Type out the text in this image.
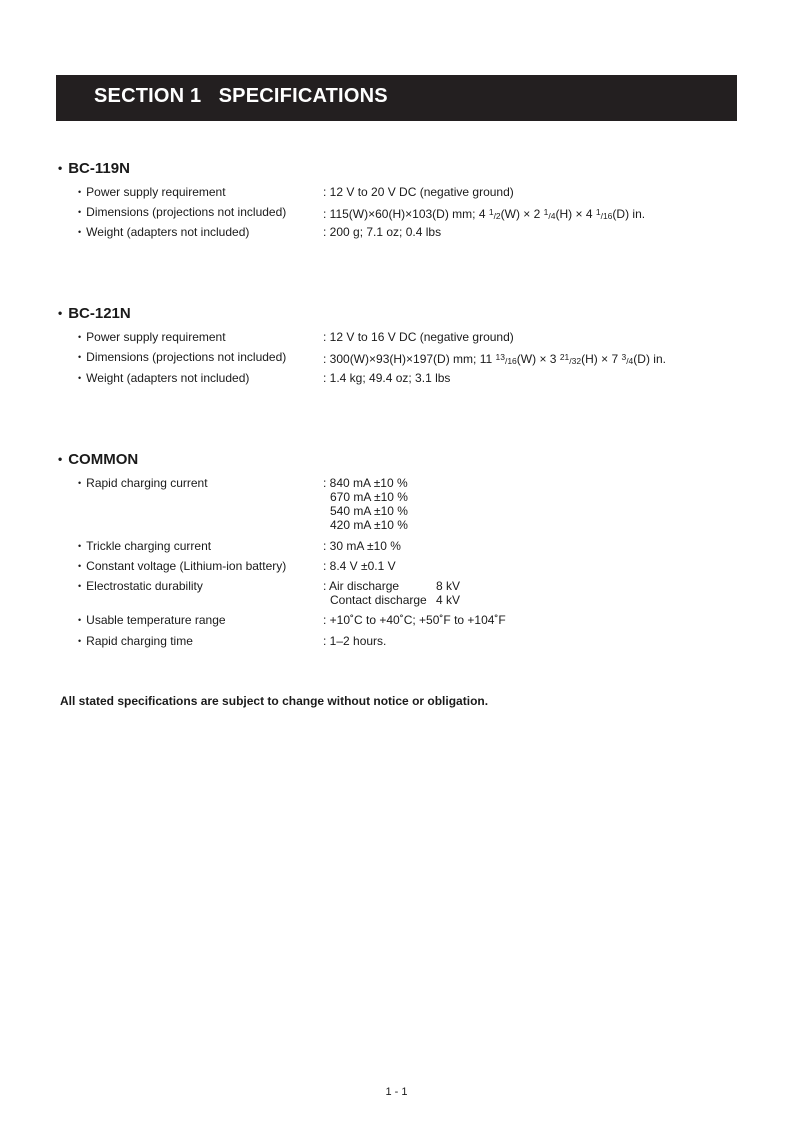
SECTION 1   SPECIFICATIONS
• BC-119N
• Power supply requirement	: 12 V to 20 V DC (negative ground)
• Dimensions (projections not included)	: 115(W)×60(H)×103(D) mm; 4 $^1$/2(W) × 2 $^1$/4(H) × 4 $^1$/16(D) in.
• Weight (adapters not included)	: 200 g; 7.1 oz; 0.4 lbs
• BC-121N
• Power supply requirement	: 12 V to 16 V DC (negative ground)
• Dimensions (projections not included)	: 300(W)×93(H)×197(D) mm; 11 $^{13}$/16(W) × 3 $^{21}$/32(H) × 7 $^3$/4(D) in.
• Weight (adapters not included)	: 1.4 kg; 49.4 oz; 3.1 lbs
• COMMON
• Rapid charging current	: 840 mA ±10 %
670 mA ±10 %
540 mA ±10 %
420 mA ±10 %
• Trickle charging current	: 30 mA ±10 %
• Constant voltage (Lithium-ion battery)	: 8.4 V ±0.1 V
• Electrostatic durability	: Air discharge	8 kV
Contact discharge 4 kV
• Usable temperature range	: +10˚C to +40˚C; +50˚F to +104˚F
• Rapid charging time	: 1–2 hours.
All stated specifications are subject to change without notice or obligation.
1 - 1
